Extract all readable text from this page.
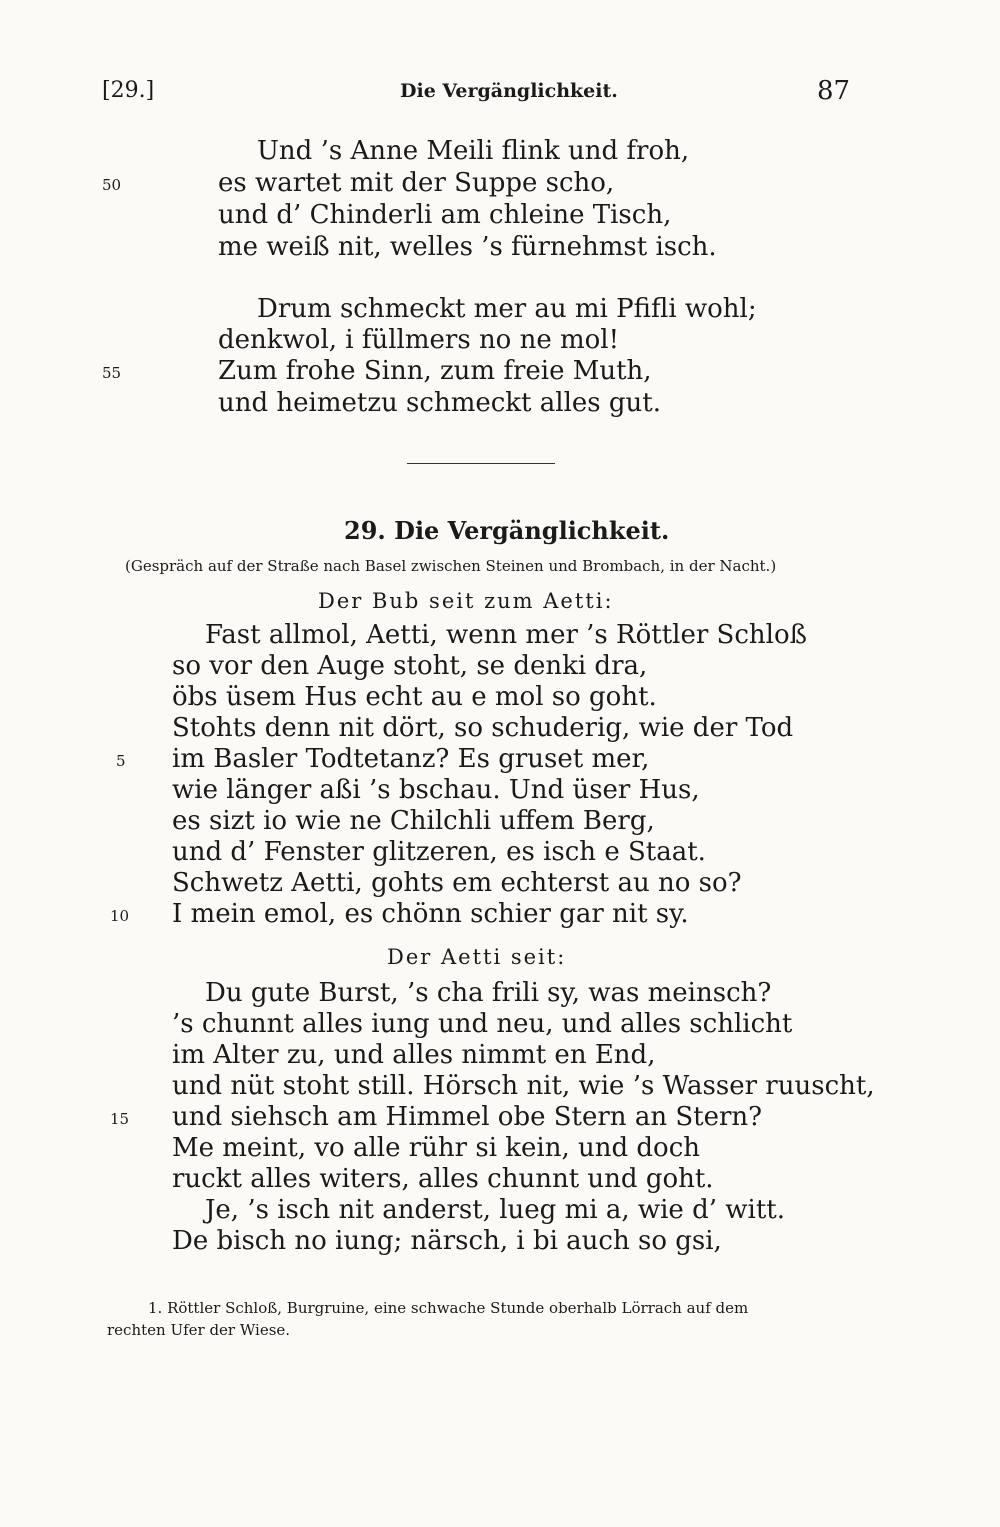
[29.]	Die Vergänglichkeit.	87
Und ’s Anne Meili flink und froh,
50	es wartet mit der Suppe scho,
und d’ Chinderli am chleine Tisch,
me weiß nit, welles ’s fürnehmst isch.
Drum schmeckt mer au mi Pfifli wohl;
denkwol, i füllmers no ne mol!
55	Zum frohe Sinn, zum freie Muth,
und heimetzu schmeckt alles gut.
29. Die Vergänglichkeit.
(Gespräch auf der Straße nach Basel zwischen Steinen und Brombach, in der Nacht.)
Der Bub seit zum Aetti:
Fast allmol, Aetti, wenn mer ’s Röttler Schloß
so vor den Auge stoht, se denki dra,
öbs üsem Hus echt au e mol so goht.
Stohts denn nit dört, so schuderig, wie der Tod
5 im Basler Todtetanz? Es gruset mer,
wie länger aßi ’s bschau. Und üser Hus,
es sizt io wie ne Chilchli uffem Berg,
und d’ Fenster glitzeren, es isch e Staat.
Schwetz Aetti, gohts em echterst au no so?
10 I mein emol, es chönn schier gar nit sy.
Der Aetti seit:
Du gute Burst, ’s cha frili sy, was meinsch?
’s chunnt alles iung und neu, und alles schlicht
im Alter zu, und alles nimmt en End,
und nüt stoht still. Hörsch nit, wie ’s Wasser ruuscht,
15 und siehsch am Himmel obe Stern an Stern?
Me meint, vo alle rühr si kein, und doch
ruckt alles witers, alles chunnt und goht.
Je, ’s isch nit anderst, lueg mi a, wie d’ witt.
De bisch no iung; närsch, i bi auch so gsi,
1. Röttler Schloß, Burgruine, eine schwache Stunde oberhalb Lörrach auf dem
rechten Ufer der Wiese.
